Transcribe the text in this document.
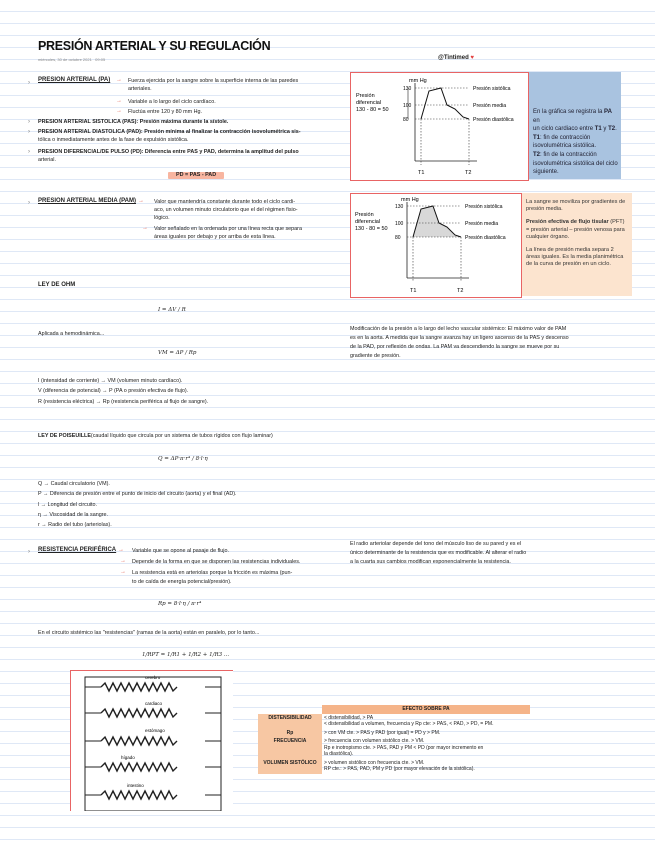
PRESIÓN ARTERIAL Y SU REGULACIÓN
miércoles, 30 de octubre 2021 09:05	@Tintimed ♥
› PRESION ARTERIAL (PA) → Fuerza ejercida por la sangre sobre la superficie interna de las paredes
arteriales.
→ Variable a lo largo del ciclo cardíaco.
→ Fluctúa entre 120 y 80 mm Hg.
› PRESION ARTERIAL SISTOLICA (PAS): Presión máxima durante la sístole.
› PRESION ARTERIAL DIASTOLICA (PAD): Presión mínima al finalizar la contracción isovolumétrica sis-
tólica o inmediatamente antes de la fase de expulsión sistólica.
› PRESION DIFERENCIAL/DE PULSO (PD): Diferencia entre PAS y PAD, determina la amplitud del pulso
arterial.
PD = PAS - PAD
mm Hg
130
100
80
Presión
diferencial
130 - 80 = 50
Presión sistólica
Presión media
Presión diastólica
T1	T2
En la gráfica se registra la PA en
un ciclo cardiaco entre T1 y T2.
T1: fin de contracción
isovolumétrica sistólica.
T2: fin de la contracción
isovolumétrica sistólica del ciclo
siguiente.
› PRESION ARTERIAL MEDIA (PAM) → Valor que mantendría constante durante todo el ciclo cardi-
aco, un volumen minuto circulatorio que el del régimen fisio-
lógico.
→ Valor señalado en la ordenada por una línea recta que separa
áreas iguales por debajo y por arriba de esta línea.
mm Hg
130
100
80
Presión
diferencial
130 - 80 = 50
Presión sistólica
Presión media
Presión diastólica
T1	T2
La sangre se moviliza por gradientes de presión media.
Presión efectiva de flujo tisular (PFT) = presión arterial – presión venosa para cualquier órgano.
La línea de presión media separa 2 áreas iguales. Es la media planimétrica de la curva de presión en un ciclo.
LEY DE OHM
I = ΔV / R
Aplicada a hemodinámica...
VM = ΔP / Rp
I (intensidad de corriente) → VM (volumen minuto cardíaco).
V (diferencia de potencial) → P (PA o presión efectiva de flujo).
R (resistencia eléctrica) → Rp (resistencia periférica al flujo de sangre).
Modificación de la presión a lo largo del lecho vascular sistémico: El máximo valor de PAM
es en la aorta. A medida que la sangre avanza hay un ligero ascenso de la PAS y descenso
de la PAD, por reflexión de ondas. La PAM va descendiendo la sangre se mueve por su
gradiente de presión.
LEY DE POISEUILLE(caudal líquido que circula por un sistema de tubos rígidos con flujo laminar)
Q = ΔP·π·r⁴ / 8·l·η
Q → Caudal circulatorio (VM).
P → Diferencia de presión entre el punto de inicio del circuito (aorta) y el final (AD).
l → Longitud del circuito.
η → Viscosidad de la sangre.
r → Radio del tubo (arteriolas).
› RESISTENCIA PERIFÉRICA → Variable que se opone al pasaje de flujo.
→ Depende de la forma en que se disponen las resistencias individuales.
→ La resistencia está en arteriolas porque la fricción es máxima (pun-
to de caída de energía potencial/presión).
Rp = 8·l·η / π·r⁴
El radio arteriolar depende del tono del músculo liso de su pared y es el
único determinante de la resistencia que es modificable. Al alterar el radio
a la cuarta sus cambios modifican exponencialmente la resistencia.
En el circuito sistémico las "resistencias" (ramas de la aorta) están en paralelo, por lo tanto...
1/RPT = 1/R1 + 1/R2 + 1/R3 ...
cerebro
cardiaco
estómago
hígado
intestino
	EFECTO SOBRE PA
DISTENSIBILIDAD	< distensibilidad, > PA
< distensibilidad a volumen, frecuencia y Rp cte: > PAS, < PAD, > PD, = PM.

Rp	> con VM cte. > PAS y PAD (por igual) = PD y > PM.

FRECUENCIA	> frecuencia con volumen sistólico cte. > VM.
Rp e inotropismo cte. > PAS, PAD y PM < PD (por mayor incremento en
la diastólica).

VOLUMEN SISTÓLICO	> volumen sistólico con frecuencia cte. > VM.
RP cte.: > PAS, PAD, PM y PD (por mayor elevación de la sistólica).
